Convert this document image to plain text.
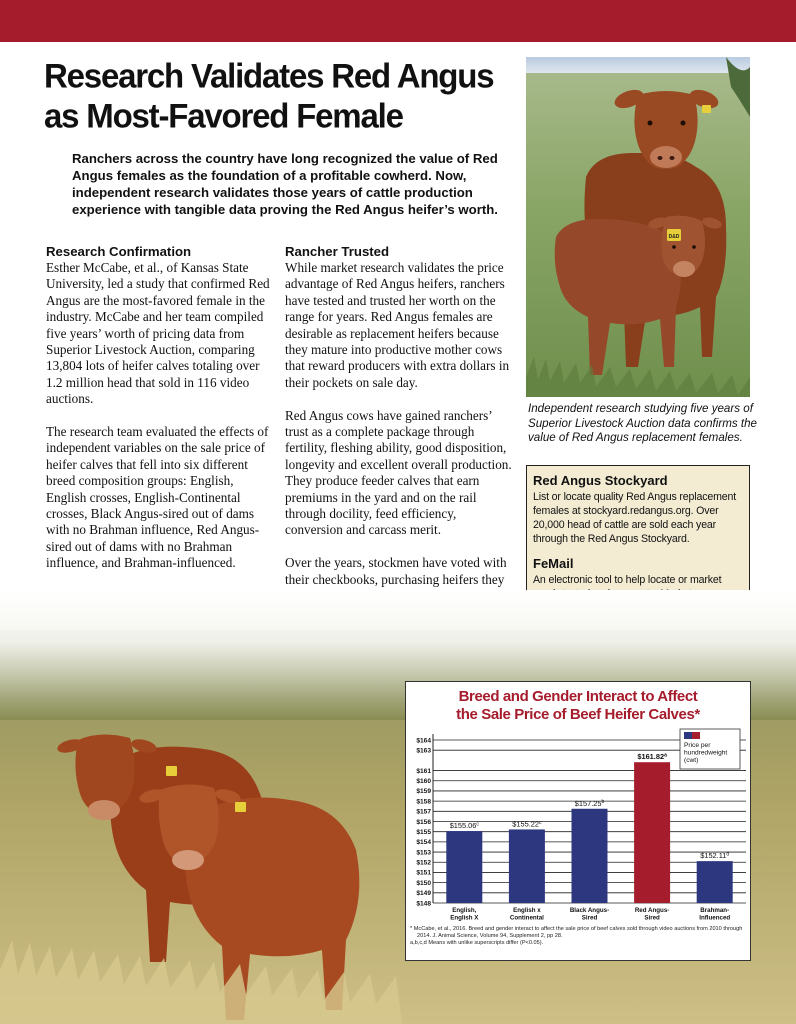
Research Validates Red Angus
as Most-Favored Female

Ranchers across the country have long recognized the value of Red Angus females as the foundation of a profitable cowherd. Now, independent research validates those years of cattle production experience with tangible data proving the Red Angus heifer’s worth.

Research Confirmation

Esther McCabe, et al., of Kansas State University, led a study that confirmed Red Angus are the most-favored female in the industry. McCabe and her team compiled five years’ worth of pricing data from Superior Livestock Auction, comparing 13,804 lots of heifer calves totaling over 1.2 million head that sold in 116 video auctions.

The research team evaluated the effects of independent variables on the sale price of heifer calves that fell into six different breed composition groups: English, English crosses, English-Continental crosses, Black Angus-sired out of dams with no Brahman influence, Red Angus-sired out of dams with no Brahman influence, and Brahman-influenced.

Rancher Trusted

While market research validates the price advantage of Red Angus heifers, ranchers have tested and trusted her worth on the range for years. Red Angus females are desirable as replacement heifers because they mature into productive mother cows that reward producers with extra dollars in their pockets on sale day.

Red Angus cows have gained ranchers’ trust as a complete package through fertility, fleshing ability, good disposition, longevity and excellent overall production. They produce feeder calves that earn premiums in the yard and on the rail through docility, feed efficiency, conversion and carcass merit.

Over the years, stockmen have voted with their checkbooks, purchasing heifers they

D&D

Independent research studying five years of Superior Livestock Auction data confirms the value of Red Angus replacement females.

Red Angus Stockyard

List or locate quality Red Angus replacement females at stockyard.redangus.org. Over 20,000 head of cattle are sold each year through the Red Angus Stockyard.

FeMail

An electronic tool to help locate or market

Breed and Gender Interact to Affect
the Sale Price of Beef Heifer Calves*
$148
$149
$150
$151
$152
$153
$154
$155
$156
$157
$158
$159
$160
$161
$163
$164
$155.06$^c$
English,
English X
$155.22$^c$
English x
Continental
$157.25$^b$
Black Angus-
Sired
$161.82$^a$
Red Angus-
Sired
$152.11$^d$
Brahman-
Influenced
Price per
hundredweight
(cwt)

* McCabe, et al., 2016. Breed and gender interact to affect the sale price of beef calves sold through video auctions from 2010 through
2014. J. Animal Science, Volume 94, Supplement 2, pp 28.
a,b,c,d Means with unlike superscripts differ (P<0.05).
